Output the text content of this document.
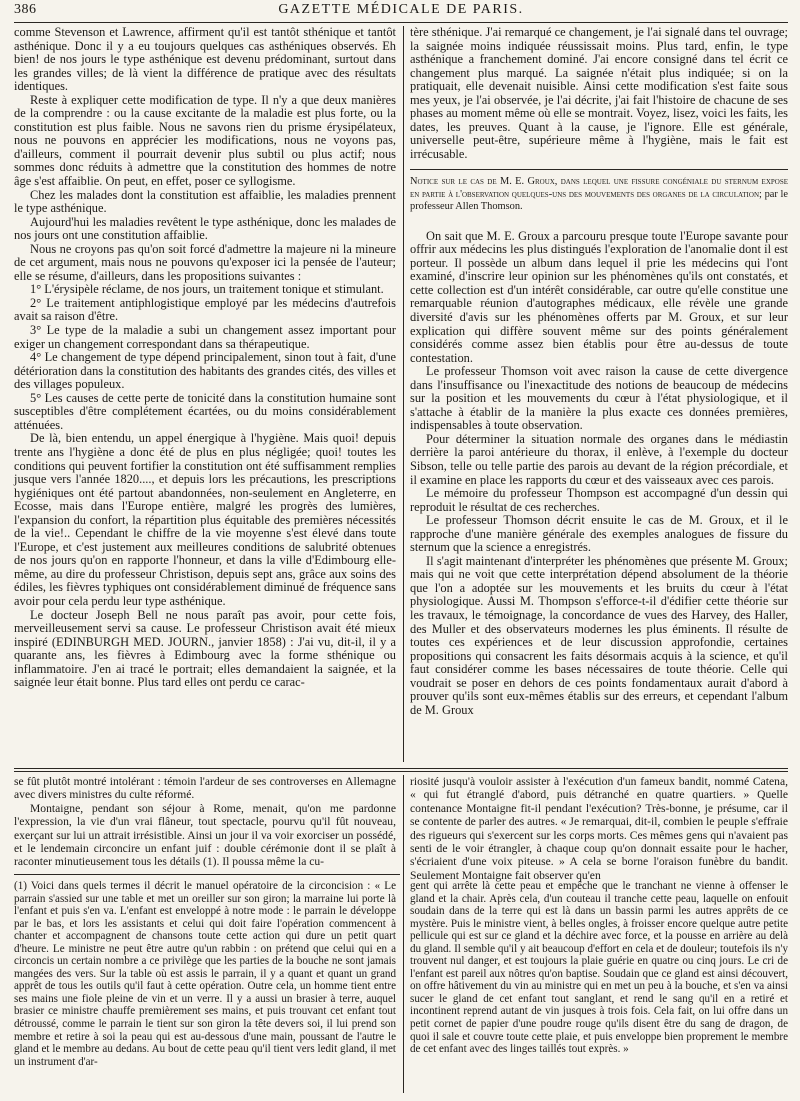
386	GAZETTE MÉDICALE DE PARIS.

comme Stevenson et Lawrence, affirment qu'il est tantôt sthénique et tantôt asthénique. Donc il y a eu toujours quelques cas asthéniques observés. Eh bien! de nos jours le type asthénique est devenu prédominant, surtout dans les grandes villes; de là vient la différence de pratique avec des résultats identiques.

Reste à expliquer cette modification de type. Il n'y a que deux manières de la comprendre : ou la cause excitante de la maladie est plus forte, ou la constitution est plus faible. Nous ne savons rien du prisme érysipélateux, nous ne pouvons en apprécier les modifications, nous ne voyons pas, d'ailleurs, comment il pourrait devenir plus subtil ou plus actif; nous sommes donc réduits à admettre que la constitution des hommes de notre âge s'est affaiblie. On peut, en effet, poser ce syllogisme.

Chez les malades dont la constitution est affaiblie, les maladies prennent le type asthénique.

Aujourd'hui les maladies revêtent le type asthénique, donc les malades de nos jours ont une constitution affaiblie.

Nous ne croyons pas qu'on soit forcé d'admettre la majeure ni la mineure de cet argument, mais nous ne pouvons qu'exposer ici la pensée de l'auteur; elle se résume, d'ailleurs, dans les propositions suivantes :

1° L'érysipèle réclame, de nos jours, un traitement tonique et stimulant.

2° Le traitement antiphlogistique employé par les médecins d'autrefois avait sa raison d'être.

3° Le type de la maladie a subi un changement assez important pour exiger un changement correspondant dans sa thérapeutique.

4° Le changement de type dépend principalement, sinon tout à fait, d'une détérioration dans la constitution des habitants des grandes cités, des villes et des villages populeux.

5° Les causes de cette perte de tonicité dans la constitution humaine sont susceptibles d'être complétement écartées, ou du moins considérablement atténuées.

De là, bien entendu, un appel énergique à l'hygiène. Mais quoi! depuis trente ans l'hygiène a donc été de plus en plus négligée; quoi! toutes les conditions qui peuvent fortifier la constitution ont été suffisamment remplies jusque vers l'année 1820...., et depuis lors les précautions, les prescriptions hygiéniques ont été partout abandonnées, non-seulement en Angleterre, en Ecosse, mais dans l'Europe entière, malgré les progrès des lumières, l'expansion du confort, la répartition plus équitable des premières nécessités de la vie!.. Cependant le chiffre de la vie moyenne s'est élevé dans toute l'Europe, et c'est justement aux meilleures conditions de salubrité obtenues de nos jours qu'on en rapporte l'honneur, et dans la ville d'Edimbourg elle-même, au dire du professeur Christison, depuis sept ans, grâce aux soins des édiles, les fièvres typhiques ont considérablement diminué de fréquence sans avoir pour cela perdu leur type asthénique.

Le docteur Joseph Bell ne nous paraît pas avoir, pour cette fois, merveilleusement servi sa cause. Le professeur Christison avait été mieux inspiré (EDINBURGH MED. JOURN., janvier 1858) : J'ai vu, dit-il, il y a quarante ans, les fièvres à Edimbourg avec la forme sthénique ou inflammatoire. J'en ai tracé le portrait; elles demandaient la saignée, et la saignée leur était bonne. Plus tard elles ont perdu ce carac-

tère sthénique. J'ai remarqué ce changement, je l'ai signalé dans tel ouvrage; la saignée moins indiquée réussissait moins. Plus tard, enfin, le type asthénique a franchement dominé. J'ai encore consigné dans tel écrit ce changement plus marqué. La saignée n'était plus indiquée; si on la pratiquait, elle devenait nuisible. Ainsi cette modification s'est faite sous mes yeux, je l'ai observée, je l'ai décrite, j'ai fait l'histoire de chacune de ses phases au moment même où elle se montrait. Voyez, lisez, voici les faits, les dates, les preuves. Quant à la cause, je l'ignore. Elle est générale, universelle peut-être, supérieure même à l'hygiène, mais le fait est irrécusable.

Notice sur le cas de M. E. Groux, dans lequel une fissure congéniale du sternum expose en partie à l'observation quelques-uns des mouvements des organes de la circulation; par le professeur Allen Thomson.

On sait que M. E. Groux a parcouru presque toute l'Europe savante pour offrir aux médecins les plus distingués l'exploration de l'anomalie dont il est porteur. Il possède un album dans lequel il prie les médecins qui l'ont examiné, d'inscrire leur opinion sur les phénomènes qu'ils ont constatés, et cette collection est d'un intérêt considérable, car outre qu'elle constitue une remarquable réunion d'autographes médicaux, elle révèle une grande diversité d'avis sur les phénomènes offerts par M. Groux, et sur leur explication qui diffère souvent même sur des points généralement considérés comme assez bien établis pour être au-dessus de toute contestation.

Le professeur Thomson voit avec raison la cause de cette divergence dans l'insuffisance ou l'inexactitude des notions de beaucoup de médecins sur la position et les mouvements du cœur à l'état physiologique, et il s'attache à établir de la manière la plus exacte ces données premières, indispensables à toute observation.

Pour déterminer la situation normale des organes dans le médiastin derrière la paroi antérieure du thorax, il enlève, à l'exemple du docteur Sibson, telle ou telle partie des parois au devant de la région précordiale, et il examine en place les rapports du cœur et des vaisseaux avec ces parois.

Le mémoire du professeur Thompson est accompagné d'un dessin qui reproduit le résultat de ces recherches.

Le professeur Thomson décrit ensuite le cas de M. Groux, et il le rapproche d'une manière générale des exemples analogues de fissure du sternum que la science a enregistrés.

Il s'agit maintenant d'interpréter les phénomènes que présente M. Groux; mais qui ne voit que cette interprétation dépend absolument de la théorie que l'on a adoptée sur les mouvements et les bruits du cœur à l'état physiologique. Aussi M. Thompson s'efforce-t-il d'édifier cette théorie sur les travaux, le témoignage, la concordance de vues des Harvey, des Haller, des Muller et des observateurs modernes les plus éminents. Il résulte de toutes ces expériences et de leur discussion approfondie, certaines propositions qui consacrent les faits désormais acquis à la science, et qu'il faut considérer comme les bases nécessaires de toute théorie. Celle qui voudrait se poser en dehors de ces points fondamentaux aurait d'abord à prouver qu'ils sont eux-mêmes établis sur des erreurs, et cependant l'album de M. Groux

se fût plutôt montré intolérant : témoin l'ardeur de ses controverses en Allemagne avec divers ministres du culte réformé.

Montaigne, pendant son séjour à Rome, menait, qu'on me pardonne l'expression, la vie d'un vrai flâneur, tout spectacle, pourvu qu'il fût nouveau, exerçant sur lui un attrait irrésistible. Ainsi un jour il va voir exorciser un possédé, et le lendemain circoncire un enfant juif : double cérémonie dont il se plaît à raconter minutieusement tous les détails (1). Il poussa même la cu-

riosité jusqu'à vouloir assister à l'exécution d'un fameux bandit, nommé Catena, « qui fut étranglé d'abord, puis détranché en quatre quartiers. » Quelle contenance Montaigne fit-il pendant l'exécution? Très-bonne, je présume, car il se contente de parler des autres. « Je remarquai, dit-il, combien le peuple s'effraie des rigueurs qui s'exercent sur les corps morts. Ces mêmes gens qui n'avaient pas senti de le voir étrangler, à chaque coup qu'on donnait essaite pour le hacher, s'écriaient d'une voix piteuse. » A cela se borne l'oraison funèbre du bandit. Seulement Montaigne fait observer qu'en

(1) Voici dans quels termes il décrit le manuel opératoire de la circoncision : « Le parrain s'assied sur une table et met un oreiller sur son giron; la marraine lui porte là l'enfant et puis s'en va. L'enfant est enveloppé à notre mode : le parrain le développe par le bas, et lors les assistants et celui qui doit faire l'opération commencent à chanter et accompagnent de chansons toute cette action qui dure un petit quart d'heure. Le ministre ne peut être autre qu'un rabbin : on prétend que celui qui en a circoncis un certain nombre a ce privilège que les parties de la bouche ne sont jamais mangées des vers. Sur la table où est assis le parrain, il y a quant et quant un grand apprêt de tous les outils qu'il faut à cette opération. Outre cela, un homme tient entre ses mains une fiole pleine de vin et un verre. Il y a aussi un brasier à terre, auquel brasier ce ministre chauffe premièrement ses mains, et puis trouvant cet enfant tout détroussé, comme le parrain le tient sur son giron la tête devers soi, il lui prend son membre et retire à soi la peau qui est au-dessous d'une main, poussant de l'autre le gland et le membre au dedans. Au bout de cette peau qu'il tient vers ledit gland, il met un instrument d'ar-

gent qui arrête là cette peau et empêche que le tranchant ne vienne à offenser le gland et la chair. Après cela, d'un couteau il tranche cette peau, laquelle on enfouit soudain dans de la terre qui est là dans un bassin parmi les autres apprêts de ce mystère. Puis le ministre vient, à belles ongles, à froisser encore quelque autre petite pellicule qui est sur ce gland et la déchire avec force, et la pousse en arrière au delà du gland. Il semble qu'il y ait beaucoup d'effort en cela et de douleur; toutefois ils n'y trouvent nul danger, et est toujours la plaie guérie en quatre ou cinq jours. Le cri de l'enfant est pareil aux nôtres qu'on baptise. Soudain que ce gland est ainsi découvert, on offre hâtivement du vin au ministre qui en met un peu à la bouche, et s'en va ainsi sucer le gland de cet enfant tout sanglant, et rend le sang qu'il en a retiré et incontinent reprend autant de vin jusques à trois fois. Cela fait, on lui offre dans un petit cornet de papier d'une poudre rouge qu'ils disent être du sang de dragon, de quoi il sale et couvre toute cette plaie, et puis enveloppe bien proprement le membre de cet enfant avec des linges taillés tout exprès. »
